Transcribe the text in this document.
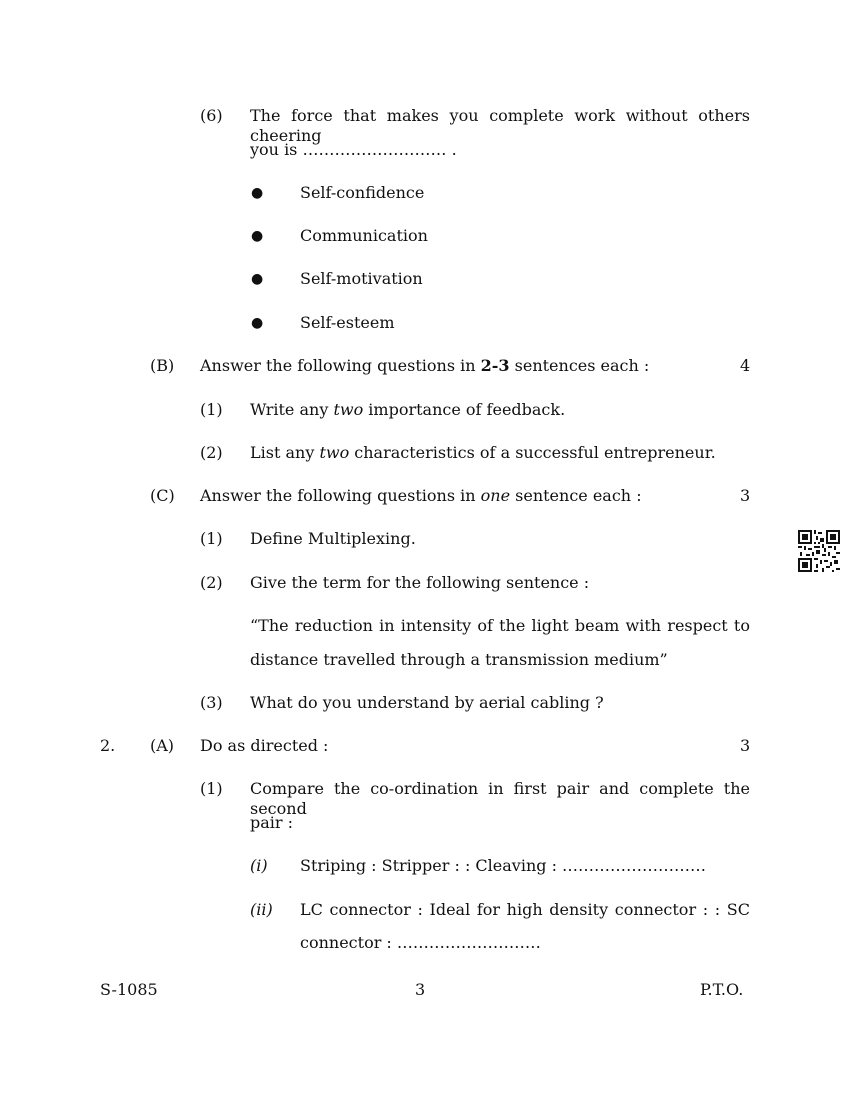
(6) The force that makes you complete work without others cheering
you is ……………………… .
● Self-confidence
● Communication
● Self-motivation
● Self-esteem
(B) Answer the following questions in 2-3 sentences each :	4
(1) Write any two importance of feedback.
(2) List any two characteristics of a successful entrepreneur.
(C) Answer the following questions in one sentence each :	3
(1) Define Multiplexing.
(2) Give the term for the following sentence :
“The reduction in intensity of the light beam with respect to
distance travelled through a transmission medium”
(3) What do you understand by aerial cabling ?
2. (A) Do as directed :	3
(1) Compare the co-ordination in first pair and complete the second
pair :
(i) Striping : Stripper : : Cleaving : ………………………
(ii) LC connector : Ideal for high density connector : : SC
connector : ………………………
S-1085	3	P.T.O.
